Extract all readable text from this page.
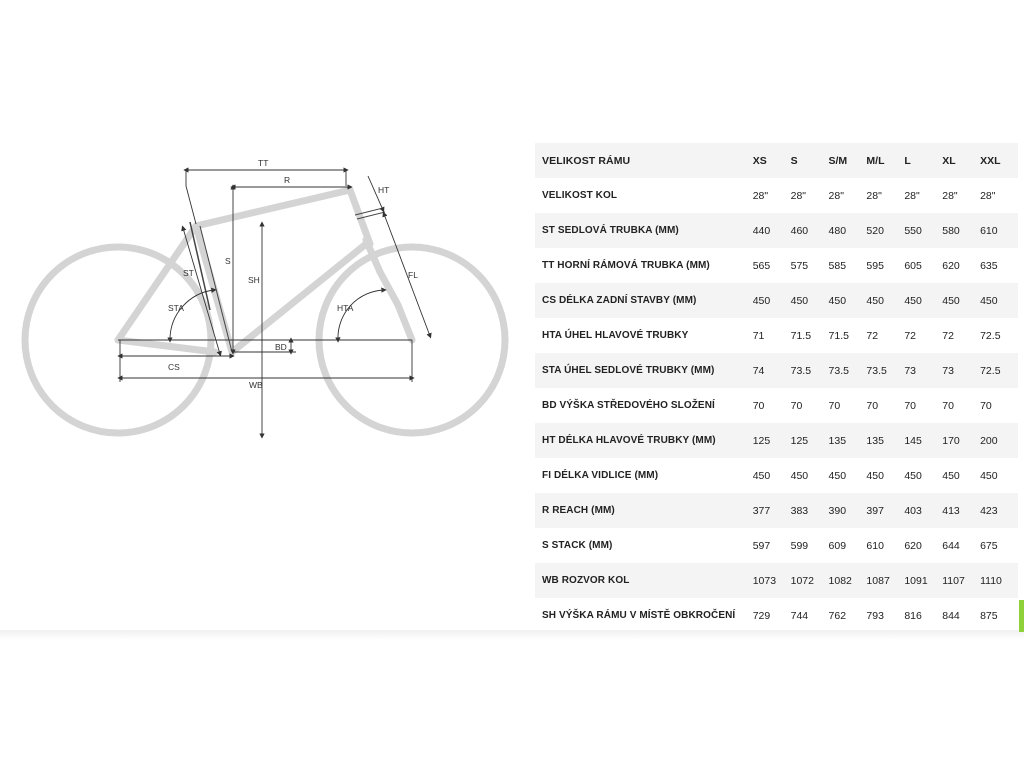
TT
R
HT
S
SH
ST
STA
FL
HTA
BD
CS
WB
VELIKOST RÁMU	XS	S	S/M	M/L	L	XL	XXL
VELIKOST KOL	28"	28"	28"	28"	28"	28"	28"
ST SEDLOVÁ TRUBKA (MM)	440	460	480	520	550	580	610
TT HORNÍ RÁMOVÁ TRUBKA (MM)	565	575	585	595	605	620	635
CS DÉLKA ZADNÍ STAVBY (MM)	450	450	450	450	450	450	450
HTA ÚHEL HLAVOVÉ TRUBKY	71	71.5	71.5	72	72	72	72.5
STA ÚHEL SEDLOVÉ TRUBKY (MM)	74	73.5	73.5	73.5	73	73	72.5
BD VÝŠKA STŘEDOVÉHO SLOŽENÍ	70	70	70	70	70	70	70
HT DÉLKA HLAVOVÉ TRUBKY (MM)	125	125	135	135	145	170	200
FI DÉLKA VIDLICE (MM)	450	450	450	450	450	450	450
R REACH (MM)	377	383	390	397	403	413	423
S STACK (MM)	597	599	609	610	620	644	675
WB ROZVOR KOL	1073	1072	1082	1087	1091	1107	1110
SH VÝŠKA RÁMU V MÍSTĚ OBKROČENÍ	729	744	762	793	816	844	875
